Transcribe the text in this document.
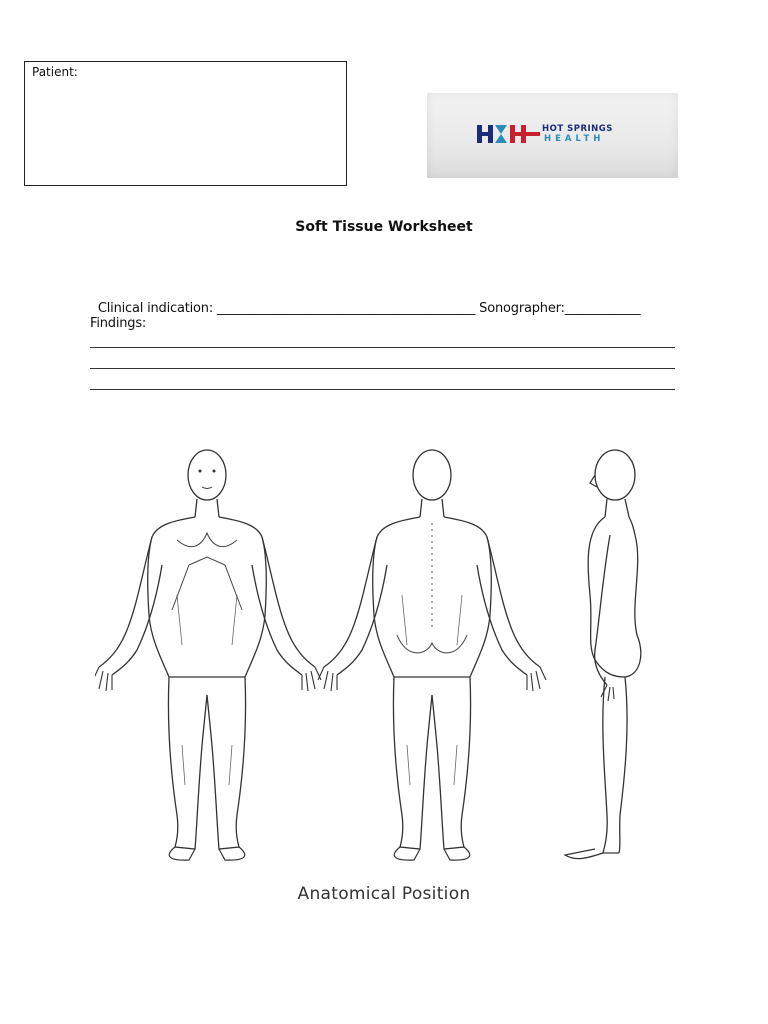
Patient:
HOT SPRINGS
HEALTH
Soft Tissue Worksheet

Clinical indication: _________________________________________ Sonographer:____________

Findings:
Anatomical Position
